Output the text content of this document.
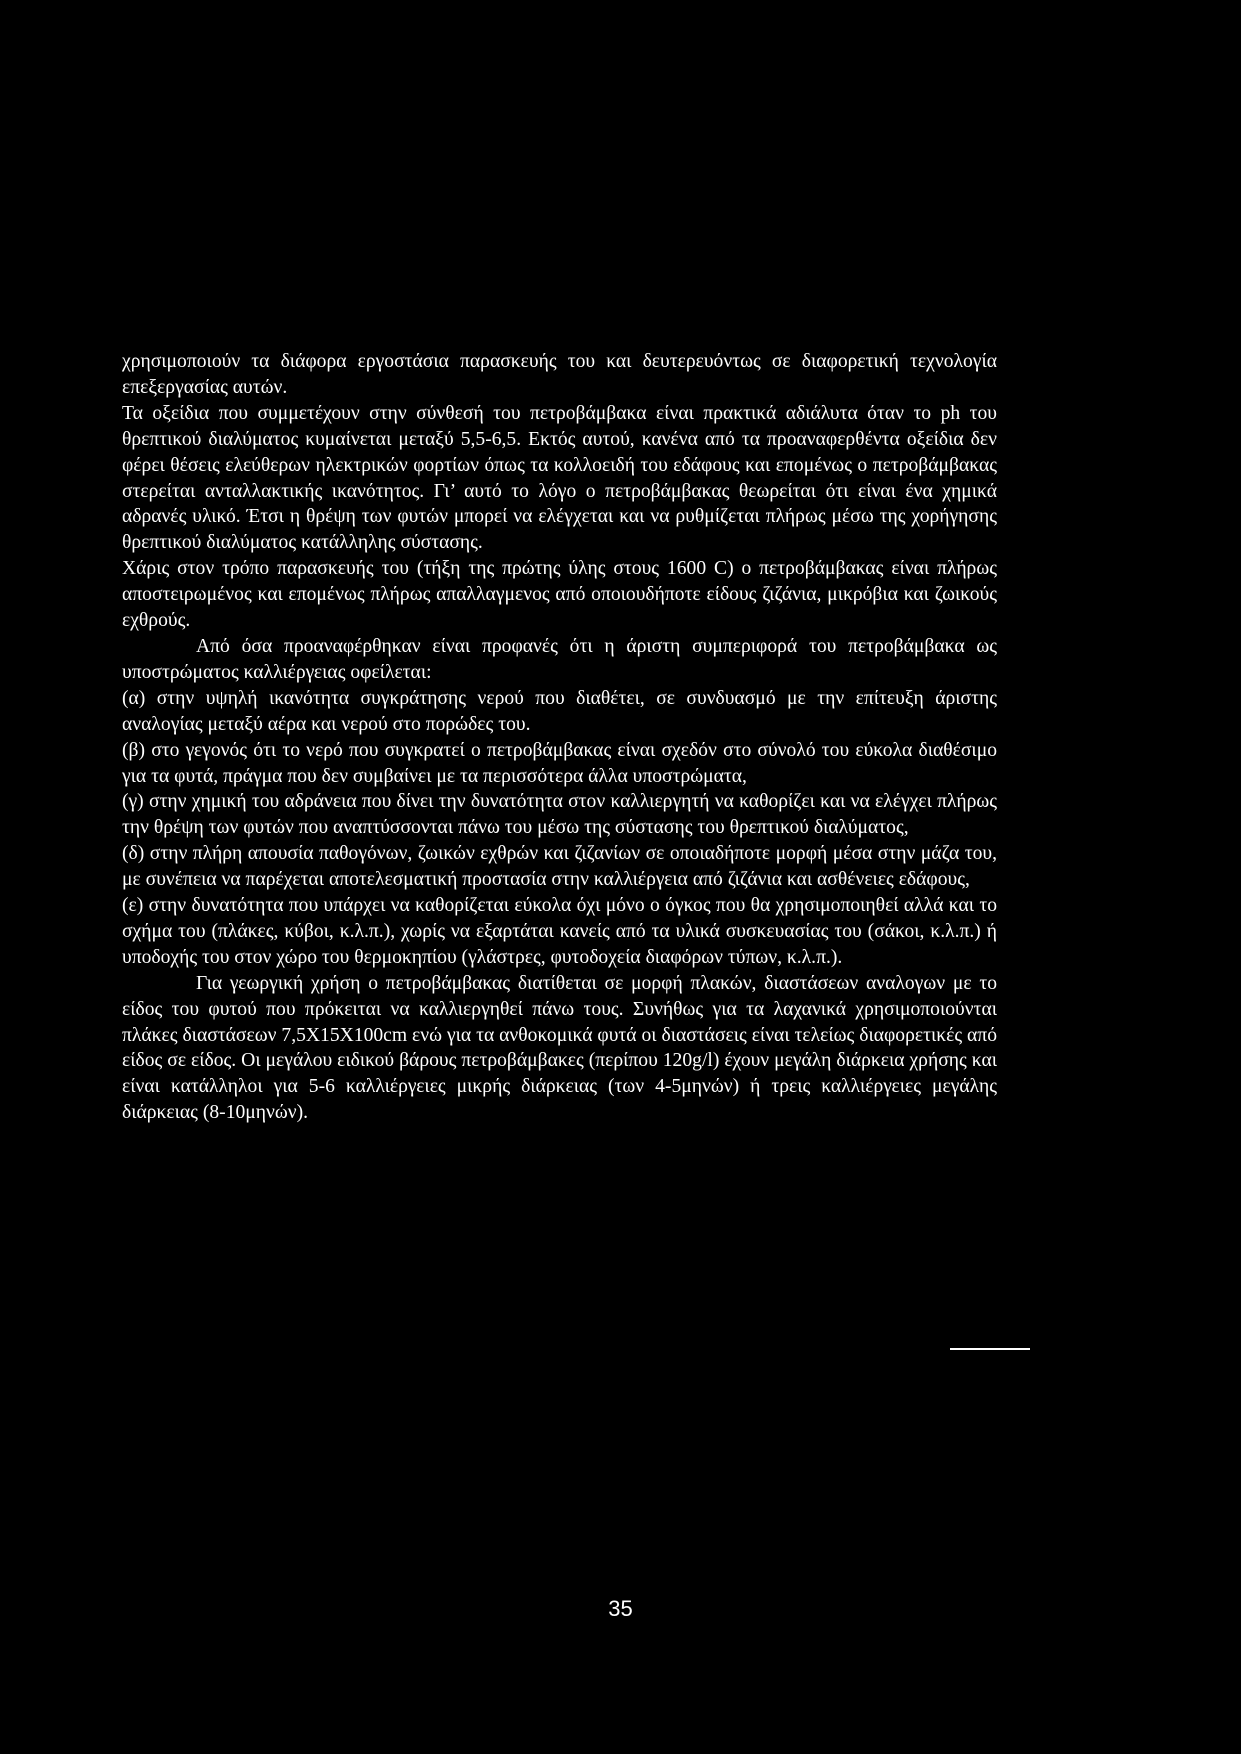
χρησιμοποιούν τα διάφορα εργοστάσια παρασκευής του και δευτερευόντως σε διαφορετική τεχνολογία επεξεργασίας αυτών.

Τα οξείδια που συμμετέχουν στην σύνθεσή του πετροβάμβακα είναι πρακτικά αδιάλυτα όταν το ph του θρεπτικού διαλύματος κυμαίνεται μεταξύ 5,5-6,5. Εκτός αυτού, κανένα από τα προαναφερθέντα οξείδια δεν φέρει θέσεις ελεύθερων ηλεκτρικών φορτίων όπως τα κολλοειδή του εδάφους και επομένως ο πετροβάμβακας στερείται ανταλλακτικής ικανότητος. Γι’ αυτό το λόγο ο πετροβάμβακας θεωρείται ότι είναι ένα χημικά αδρανές υλικό. Έτσι η θρέψη των φυτών μπορεί να ελέγχεται και να ρυθμίζεται πλήρως μέσω της χορήγησης θρεπτικού διαλύματος κατάλληλης σύστασης.

Χάρις στον τρόπο παρασκευής του (τήξη της πρώτης ύλης στους 1600 C) ο πετροβάμβακας είναι πλήρως αποστειρωμένος και επομένως πλήρως απαλλαγμενος από οποιουδήποτε είδους ζιζάνια, μικρόβια και ζωικούς εχθρούς.

Από όσα προαναφέρθηκαν είναι προφανές ότι η άριστη συμπεριφορά του πετροβάμβακα ως υποστρώματος καλλιέργειας οφείλεται:

(α) στην υψηλή ικανότητα συγκράτησης νερού που διαθέτει, σε συνδυασμό με την επίτευξη άριστης αναλογίας μεταξύ αέρα και νερού στο πορώδες του.

(β) στο γεγονός ότι το νερό που συγκρατεί ο πετροβάμβακας είναι σχεδόν στο σύνολό του εύκολα διαθέσιμο για τα φυτά, πράγμα που δεν συμβαίνει με τα περισσότερα άλλα υποστρώματα,

(γ) στην χημική του αδράνεια που δίνει την δυνατότητα στον καλλιεργητή να καθορίζει και να ελέγχει πλήρως την θρέψη των φυτών που αναπτύσσονται πάνω του μέσω της σύστασης του θρεπτικού διαλύματος,

(δ) στην πλήρη απουσία παθογόνων, ζωικών εχθρών και ζιζανίων σε οποιαδήποτε μορφή μέσα στην μάζα του, με συνέπεια να παρέχεται αποτελεσματική προστασία στην καλλιέργεια από ζιζάνια και ασθένειες εδάφους,

(ε) στην δυνατότητα που υπάρχει να καθορίζεται εύκολα όχι μόνο ο όγκος που θα χρησιμοποιηθεί αλλά και το σχήμα του (πλάκες, κύβοι, κ.λ.π.), χωρίς να εξαρτάται κανείς από τα υλικά συσκευασίας του (σάκοι, κ.λ.π.) ή υποδοχής του στον χώρο του θερμοκηπίου (γλάστρες, φυτοδοχεία διαφόρων τύπων, κ.λ.π.).

Για γεωργική χρήση ο πετροβάμβακας διατίθεται σε μορφή πλακών, διαστάσεων αναλογων με το είδος του φυτού που πρόκειται να καλλιεργηθεί πάνω τους. Συνήθως για τα λαχανικά χρησιμοποιούνται πλάκες διαστάσεων 7,5Χ15Χ100cm ενώ για τα ανθοκομικά φυτά οι διαστάσεις είναι τελείως διαφορετικές από είδος σε είδος. Οι μεγάλου ειδικού βάρους πετροβάμβακες (περίπου 120g/l) έχουν μεγάλη διάρκεια χρήσης και είναι κατάλληλοι για 5-6 καλλιέργειες μικρής διάρκειας (των 4-5μηνών) ή τρεις καλλιέργειες μεγάλης διάρκειας (8-10μηνών).

35
